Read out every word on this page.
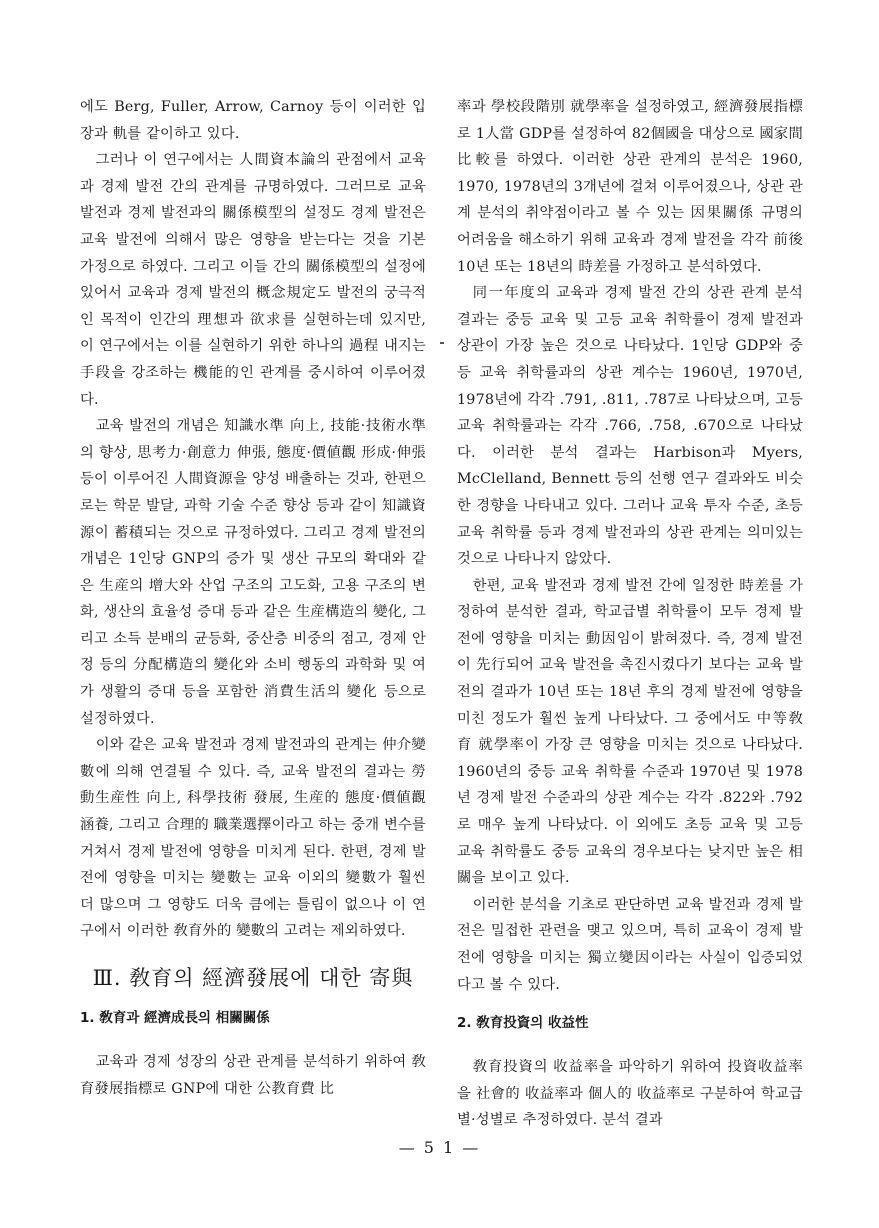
에도 Berg, Fuller, Arrow, Carnoy 등이 이러한 입장과 軌를 같이하고 있다.

그러나 이 연구에서는 人間資本論의 관점에서 교육과 경제 발전 간의 관계를 규명하였다. 그러므로 교육 발전과 경제 발전과의 關係模型의 설정도 경제 발전은 교육 발전에 의해서 많은 영향을 받는다는 것을 기본 가정으로 하였다. 그리고 이들 간의 關係模型의 설정에 있어서 교육과 경제 발전의 概念規定도 발전의 궁극적인 목적이 인간의 理想과 欲求를 실현하는데 있지만, 이 연구에서는 이를 실현하기 위한 하나의 過程 내지는 手段을 강조하는 機能的인 관계를 중시하여 이루어졌다.

교육 발전의 개념은 知識水準 向上, 技能·技術水準의 향상, 思考力·創意力 伸張, 態度·價値觀 形成·伸張 등이 이루어진 人間資源을 양성 배출하는 것과, 한편으로는 학문 발달, 과학 기술 수준 향상 등과 같이 知識資源이 蓄積되는 것으로 규정하였다. 그리고 경제 발전의 개념은 1인당 GNP의 증가 및 생산 규모의 확대와 같은 生産의 增大와 산업 구조의 고도화, 고용 구조의 변화, 생산의 효율성 증대 등과 같은 生産構造의 變化, 그리고 소득 분배의 균등화, 중산층 비중의 점고, 경제 안정 등의 分配構造의 變化와 소비 행동의 과학화 및 여가 생활의 증대 등을 포함한 消費生活의 變化 등으로 설정하였다.

이와 같은 교육 발전과 경제 발전과의 관계는 仲介變數에 의해 연결될 수 있다. 즉, 교육 발전의 결과는 勞動生産性 向上, 科學技術 發展, 生産的 態度·價値觀 涵養, 그리고 合理的 職業選擇이라고 하는 중개 변수를 거쳐서 경제 발전에 영향을 미치게 된다. 한편, 경제 발전에 영향을 미치는 變數는 교육 이외의 變數가 훨씬 더 많으며 그 영향도 더욱 큼에는 틀림이 없으나 이 연구에서 이러한 敎育外的 變數의 고려는 제외하였다.

Ⅲ. 敎育의 經濟發展에 대한 寄與
1. 敎育과 經濟成長의 相關關係

교육과 경제 성장의 상관 관계를 분석하기 위하여 敎育發展指標로 GNP에 대한 公教育費 比

率과 學校段階別 就學率을 설정하였고, 經濟發展指標로 1人當 GDP를 설정하여 82個國을 대상으로 國家間 比較를 하였다. 이러한 상관 관계의 분석은 1960, 1970, 1978년의 3개년에 걸쳐 이루어졌으나, 상관 관계 분석의 취약점이라고 볼 수 있는 因果關係 규명의 어려움을 해소하기 위해 교육과 경제 발전을 각각 前後 10년 또는 18년의 時差를 가정하고 분석하였다.

同一年度의 교육과 경제 발전 간의 상관 관계 분석 결과는 중등 교육 및 고등 교육 취학률이 경제 발전과 상관이 가장 높은 것으로 나타났다. 1인당 GDP와 중등 교육 취학률과의 상관 계수는 1960년, 1970년, 1978년에 각각 .791, .811, .787로 나타났으며, 고등 교육 취학률과는 각각 .766, .758, .670으로 나타났다. 이러한 분석 결과는 Harbison과 Myers, McClelland, Bennett 등의 선행 연구 결과와도 비슷한 경향을 나타내고 있다. 그러나 교육 투자 수준, 초등 교육 취학률 등과 경제 발전과의 상관 관계는 의미있는 것으로 나타나지 않았다.

한편, 교육 발전과 경제 발전 간에 일정한 時差를 가정하여 분석한 결과, 학교급별 취학률이 모두 경제 발전에 영향을 미치는 動因임이 밝혀졌다. 즉, 경제 발전이 先行되어 교육 발전을 촉진시켰다기 보다는 교육 발전의 결과가 10년 또는 18년 후의 경제 발전에 영향을 미친 정도가 훨씬 높게 나타났다. 그 중에서도 中等敎育 就學率이 가장 큰 영향을 미치는 것으로 나타났다. 1960년의 중등 교육 취학률 수준과 1970년 및 1978년 경제 발전 수준과의 상관 계수는 각각 .822와 .792로 매우 높게 나타났다. 이 외에도 초등 교육 및 고등 교육 취학률도 중등 교육의 경우보다는 낮지만 높은 相關을 보이고 있다.

이러한 분석을 기초로 판단하면 교육 발전과 경제 발전은 밀접한 관련을 맺고 있으며, 특히 교육이 경제 발전에 영향을 미치는 獨立變因이라는 사실이 입증되었다고 볼 수 있다.

2. 敎育投資의 收益性

敎育投資의 收益率을 파악하기 위하여 投資收益率을 社會的 收益率과 個人的 收益率로 구분하여 학교급별·성별로 추정하였다. 분석 결과

— 5 1 —
